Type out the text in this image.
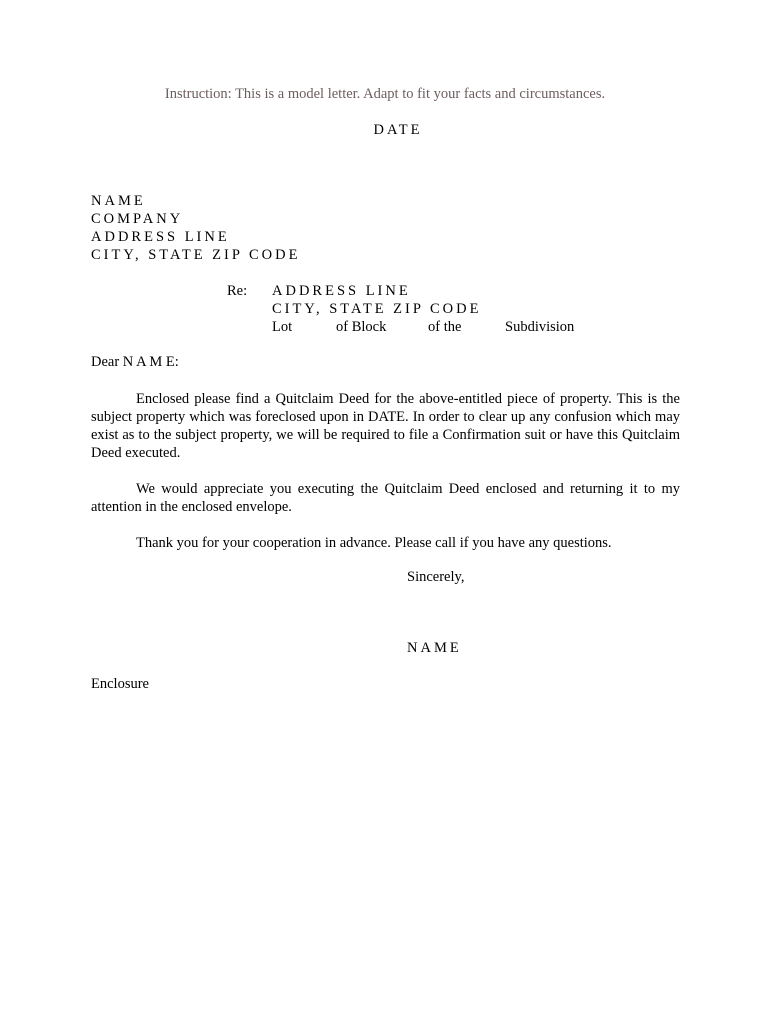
Instruction: This is a model letter. Adapt to fit your facts and circumstances.
DATE
NAME
COMPANY
ADDRESS LINE
CITY, STATE ZIP CODE
Re: ADDRESS LINE
CITY, STATE ZIP CODE
Lot	of Block	of the	Subdivision
Dear N A M E:
Enclosed please find a Quitclaim Deed for the above-entitled piece of property. This is the subject property which was foreclosed upon in DATE. In order to clear up any confusion which may exist as to the subject property, we will be required to file a Confirmation suit or have this Quitclaim Deed executed.
We would appreciate you executing the Quitclaim Deed enclosed and returning it to my attention in the enclosed envelope.
Thank you for your cooperation in advance. Please call if you have any questions.
Sincerely,
NAME
Enclosure
